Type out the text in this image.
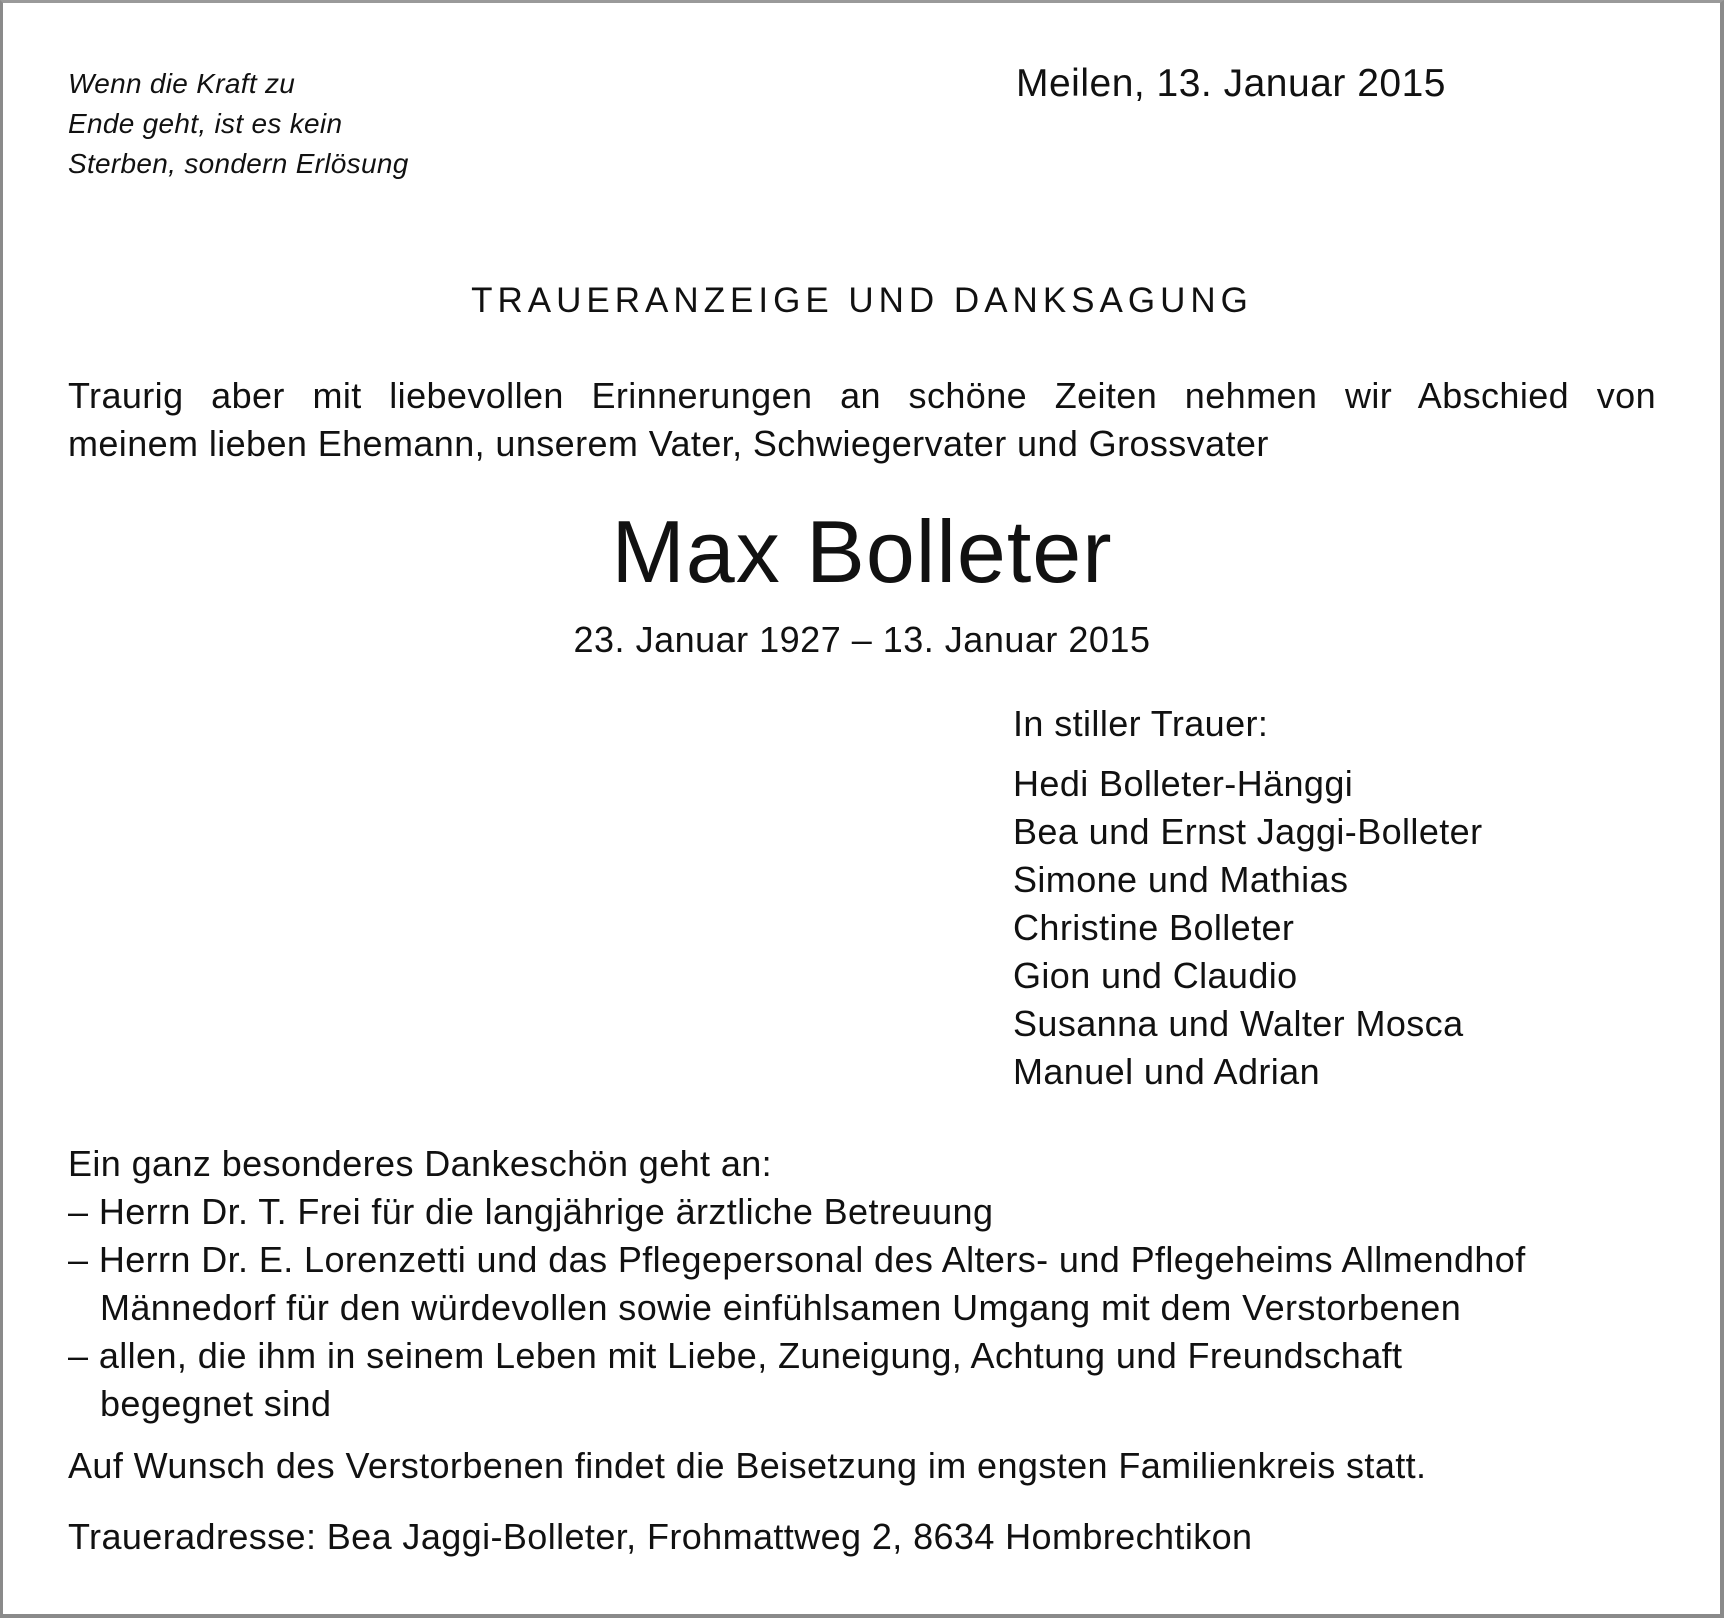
Wenn die Kraft zu
Ende geht, ist es kein
Sterben, sondern Erlösung
Meilen, 13. Januar 2015
TRAUERANZEIGE UND DANKSAGUNG
Traurig aber mit liebevollen Erinnerungen an schöne Zeiten nehmen wir Abschied von
meinem lieben Ehemann, unserem Vater, Schwiegervater und Grossvater
Max Bolleter
23. Januar 1927 – 13. Januar 2015
In stiller Trauer:
Hedi Bolleter-Hänggi
Bea und Ernst Jaggi-Bolleter
Simone und Mathias
Christine Bolleter
Gion und Claudio
Susanna und Walter Mosca
Manuel und Adrian
Ein ganz besonderes Dankeschön geht an:
– Herrn Dr. T. Frei für die langjährige ärztliche Betreuung
– Herrn Dr. E. Lorenzetti und das Pflegepersonal des Alters- und Pflegeheims Allmendhof
Männedorf für den würdevollen sowie einfühlsamen Umgang mit dem Verstorbenen
– allen, die ihm in seinem Leben mit Liebe, Zuneigung, Achtung und Freundschaft
begegnet sind
Auf Wunsch des Verstorbenen findet die Beisetzung im engsten Familienkreis statt.
Traueradresse: Bea Jaggi-Bolleter, Frohmattweg 2, 8634 Hombrechtikon
